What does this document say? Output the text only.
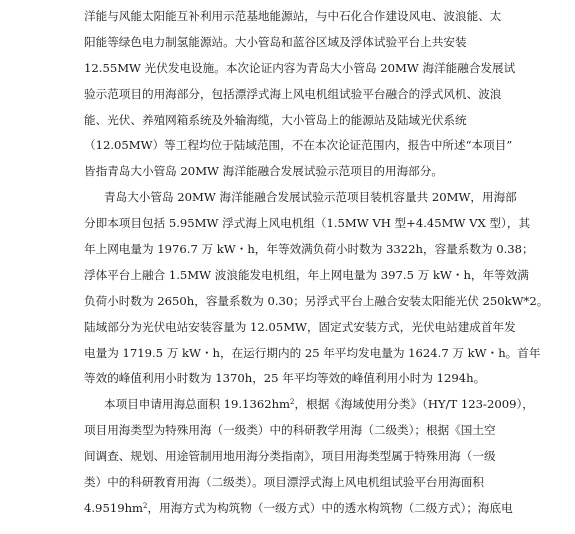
洋能与风能太阳能互补利用示范基地能源站，与中石化合作建设风电、波浪能、太
阳能等绿色电力制氢能源站。大小管岛和蓝谷区域及浮体试验平台上共安装
12.55MW 光伏发电设施。本次论证内容为青岛大小管岛 20MW 海洋能融合发展试
验示范项目的用海部分，包括漂浮式海上风电机组试验平台融合的浮式风机、波浪
能、光伏、养殖网箱系统及外输海缆，大小管岛上的能源站及陆域光伏系统
（12.05MW）等工程均位于陆域范围，不在本次论证范围内，报告中所述“本项目”
皆指青岛大小管岛 20MW 海洋能融合发展试验示范项目的用海部分。
青岛大小管岛 20MW 海洋能融合发展试验示范项目装机容量共 20MW，用海部
分即本项目包括 5.95MW 浮式海上风电机组（1.5MW VH 型+4.45MW VX 型），其
年上网电量为 1976.7 万 kW・h，年等效满负荷小时数为 3322h，容量系数为 0.38；
浮体平台上融合 1.5MW 波浪能发电机组，年上网电量为 397.5 万 kW・h，年等效满
负荷小时数为 2650h，容量系数为 0.30；另浮式平台上融合安装太阳能光伏 250kW*2。
陆域部分为光伏电站安装容量为 12.05MW，固定式安装方式，光伏电站建成首年发
电量为 1719.5 万 kW・h，在运行期内的 25 年平均发电量为 1624.7 万 kW・h。首年
等效的峰值利用小时数为 1370h，25 年平均等效的峰值利用小时为 1294h。
本项目申请用海总面积 $19.1362hm^2$，根据《海域使用分类》（HY/T 123-2009），
项目用海类型为特殊用海（一级类）中的科研教学用海（二级类）；根据《国土空
间调查、规划、用途管制用地用海分类指南》，项目用海类型属于特殊用海（一级
类）中的科研教育用海（二级类）。项目漂浮式海上风电机组试验平台用海面积
$4.9519hm^2$，用海方式为构筑物（一级方式）中的透水构筑物（二级方式）；海底电
